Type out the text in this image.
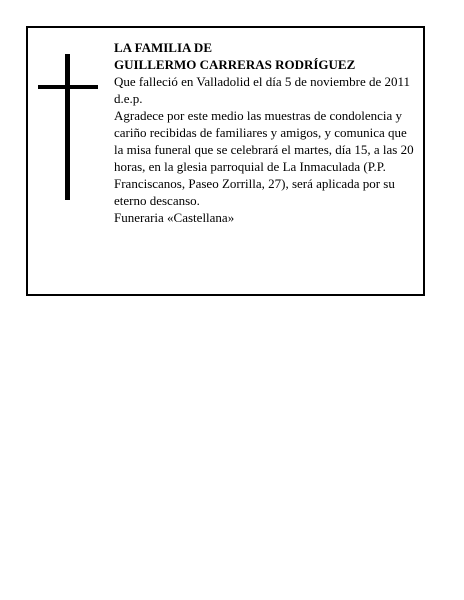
LA FAMILIA DE

GUILLERMO CARRERAS RODRÍGUEZ

Que falleció en Valladolid el día 5 de noviembre de 2011

d.e.p.

Agradece por este medio las muestras de condolencia y cariño recibidas de familiares y amigos, y comunica que la misa funeral que se celebrará el martes, día 15, a las 20 horas, en la glesia parroquial de La Inmaculada (P.P. Franciscanos, Paseo Zorrilla, 27), será aplicada por su eterno descanso.

Funeraria «Castellana»
